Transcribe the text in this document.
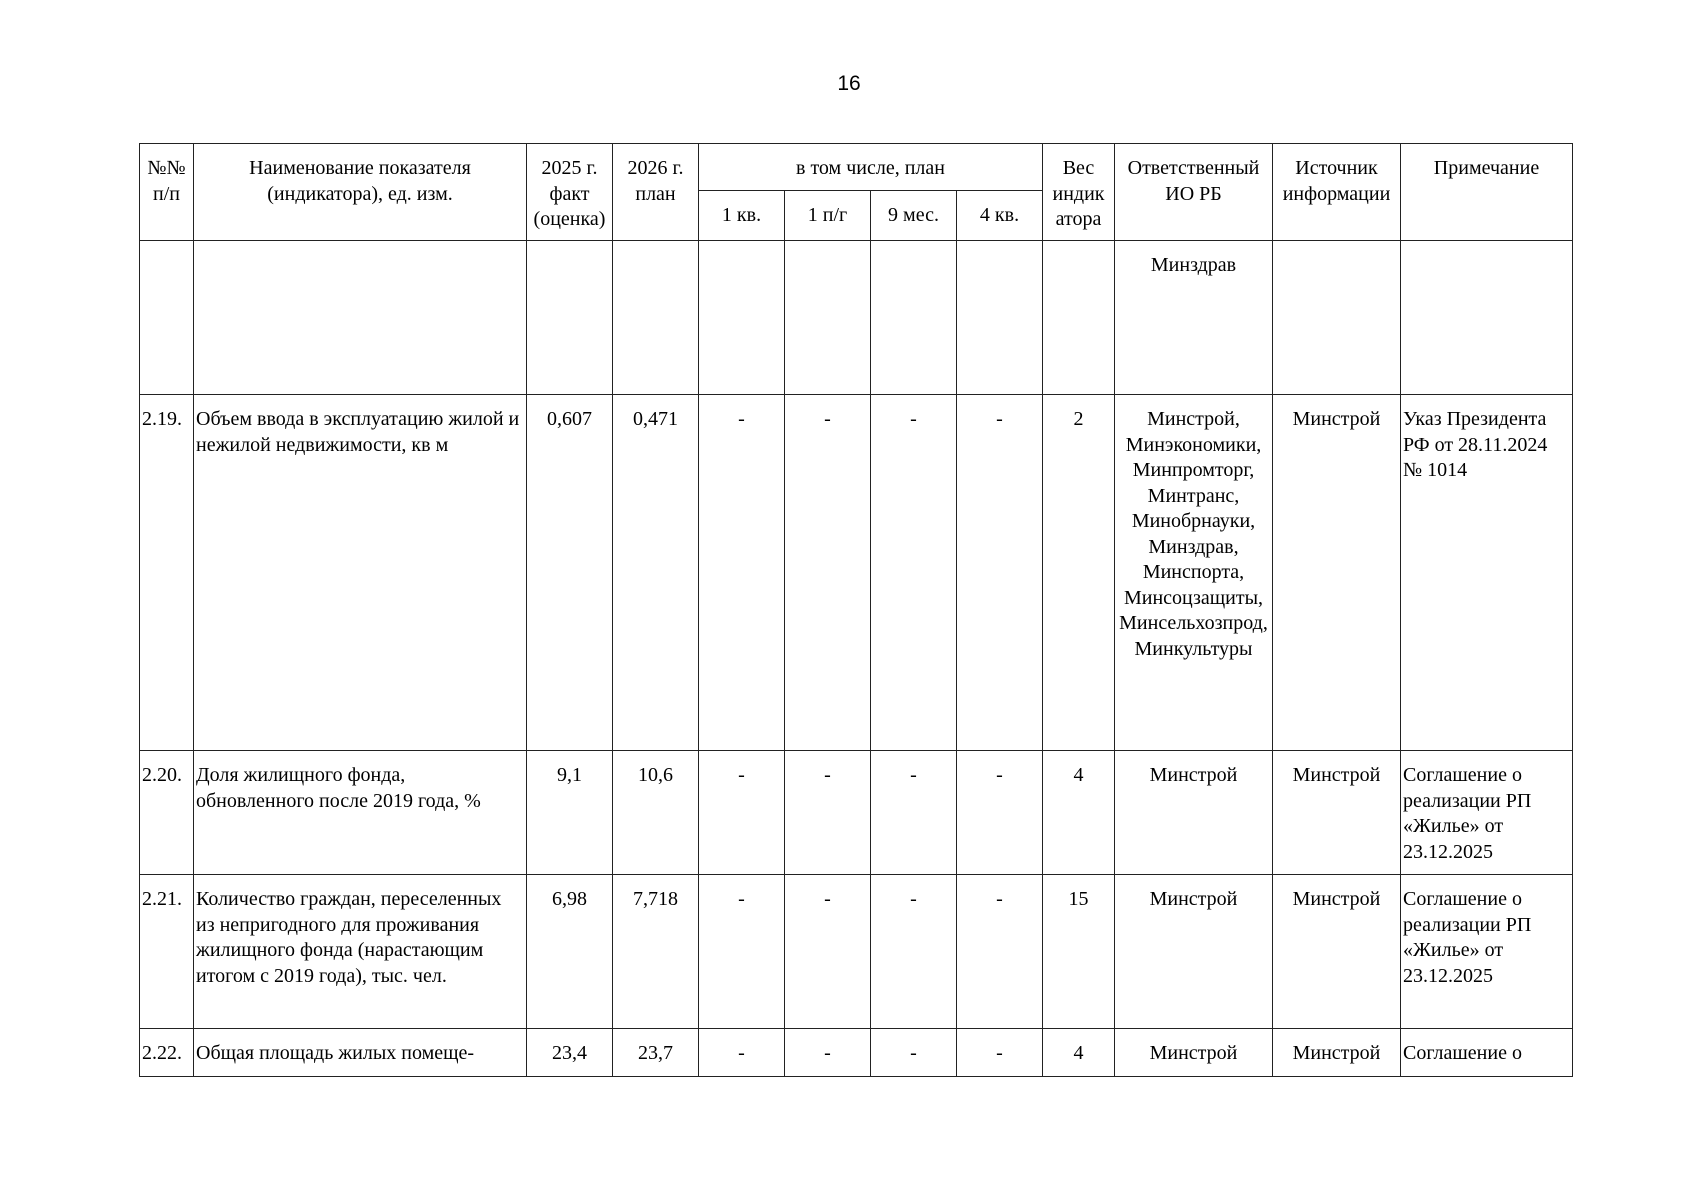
16
№№ п/п	Наименование показателя (индикатора), ед. изм.	2025 г. факт (оценка)	2026 г. план	в том числе, план				Вес индик атора	Ответственный ИО РБ	Источник информации	Примечание
				1 кв.	1 п/г	9 мес.	4 кв.				
									Минздрав		
2.19.	Объем ввода в эксплуатацию жилой и нежилой недвижимости, кв м	0,607	0,471	-	-	-	-	2	Минстрой, Минэкономики, Минпромторг, Минтранс, Минобрнауки, Минздрав, Минспорта, Минсоцзащиты, Минсельхозпрод, Минкультуры	Минстрой	Указ Президента РФ от 28.11.2024 № 1014
2.20.	Доля жилищного фонда, обновленного после 2019 года, %	9,1	10,6	-	-	-	-	4	Минстрой	Минстрой	Соглашение о реализации РП «Жилье» от 23.12.2025
2.21.	Количество граждан, переселенных из непригодного для проживания жилищного фонда (нарастающим итогом с 2019 года), тыс. чел.	6,98	7,718	-	-	-	-	15	Минстрой	Минстрой	Соглашение о реализации РП «Жилье» от 23.12.2025
2.22.	Общая площадь жилых помеще-	23,4	23,7	-	-	-	-	4	Минстрой	Минстрой	Соглашение о
